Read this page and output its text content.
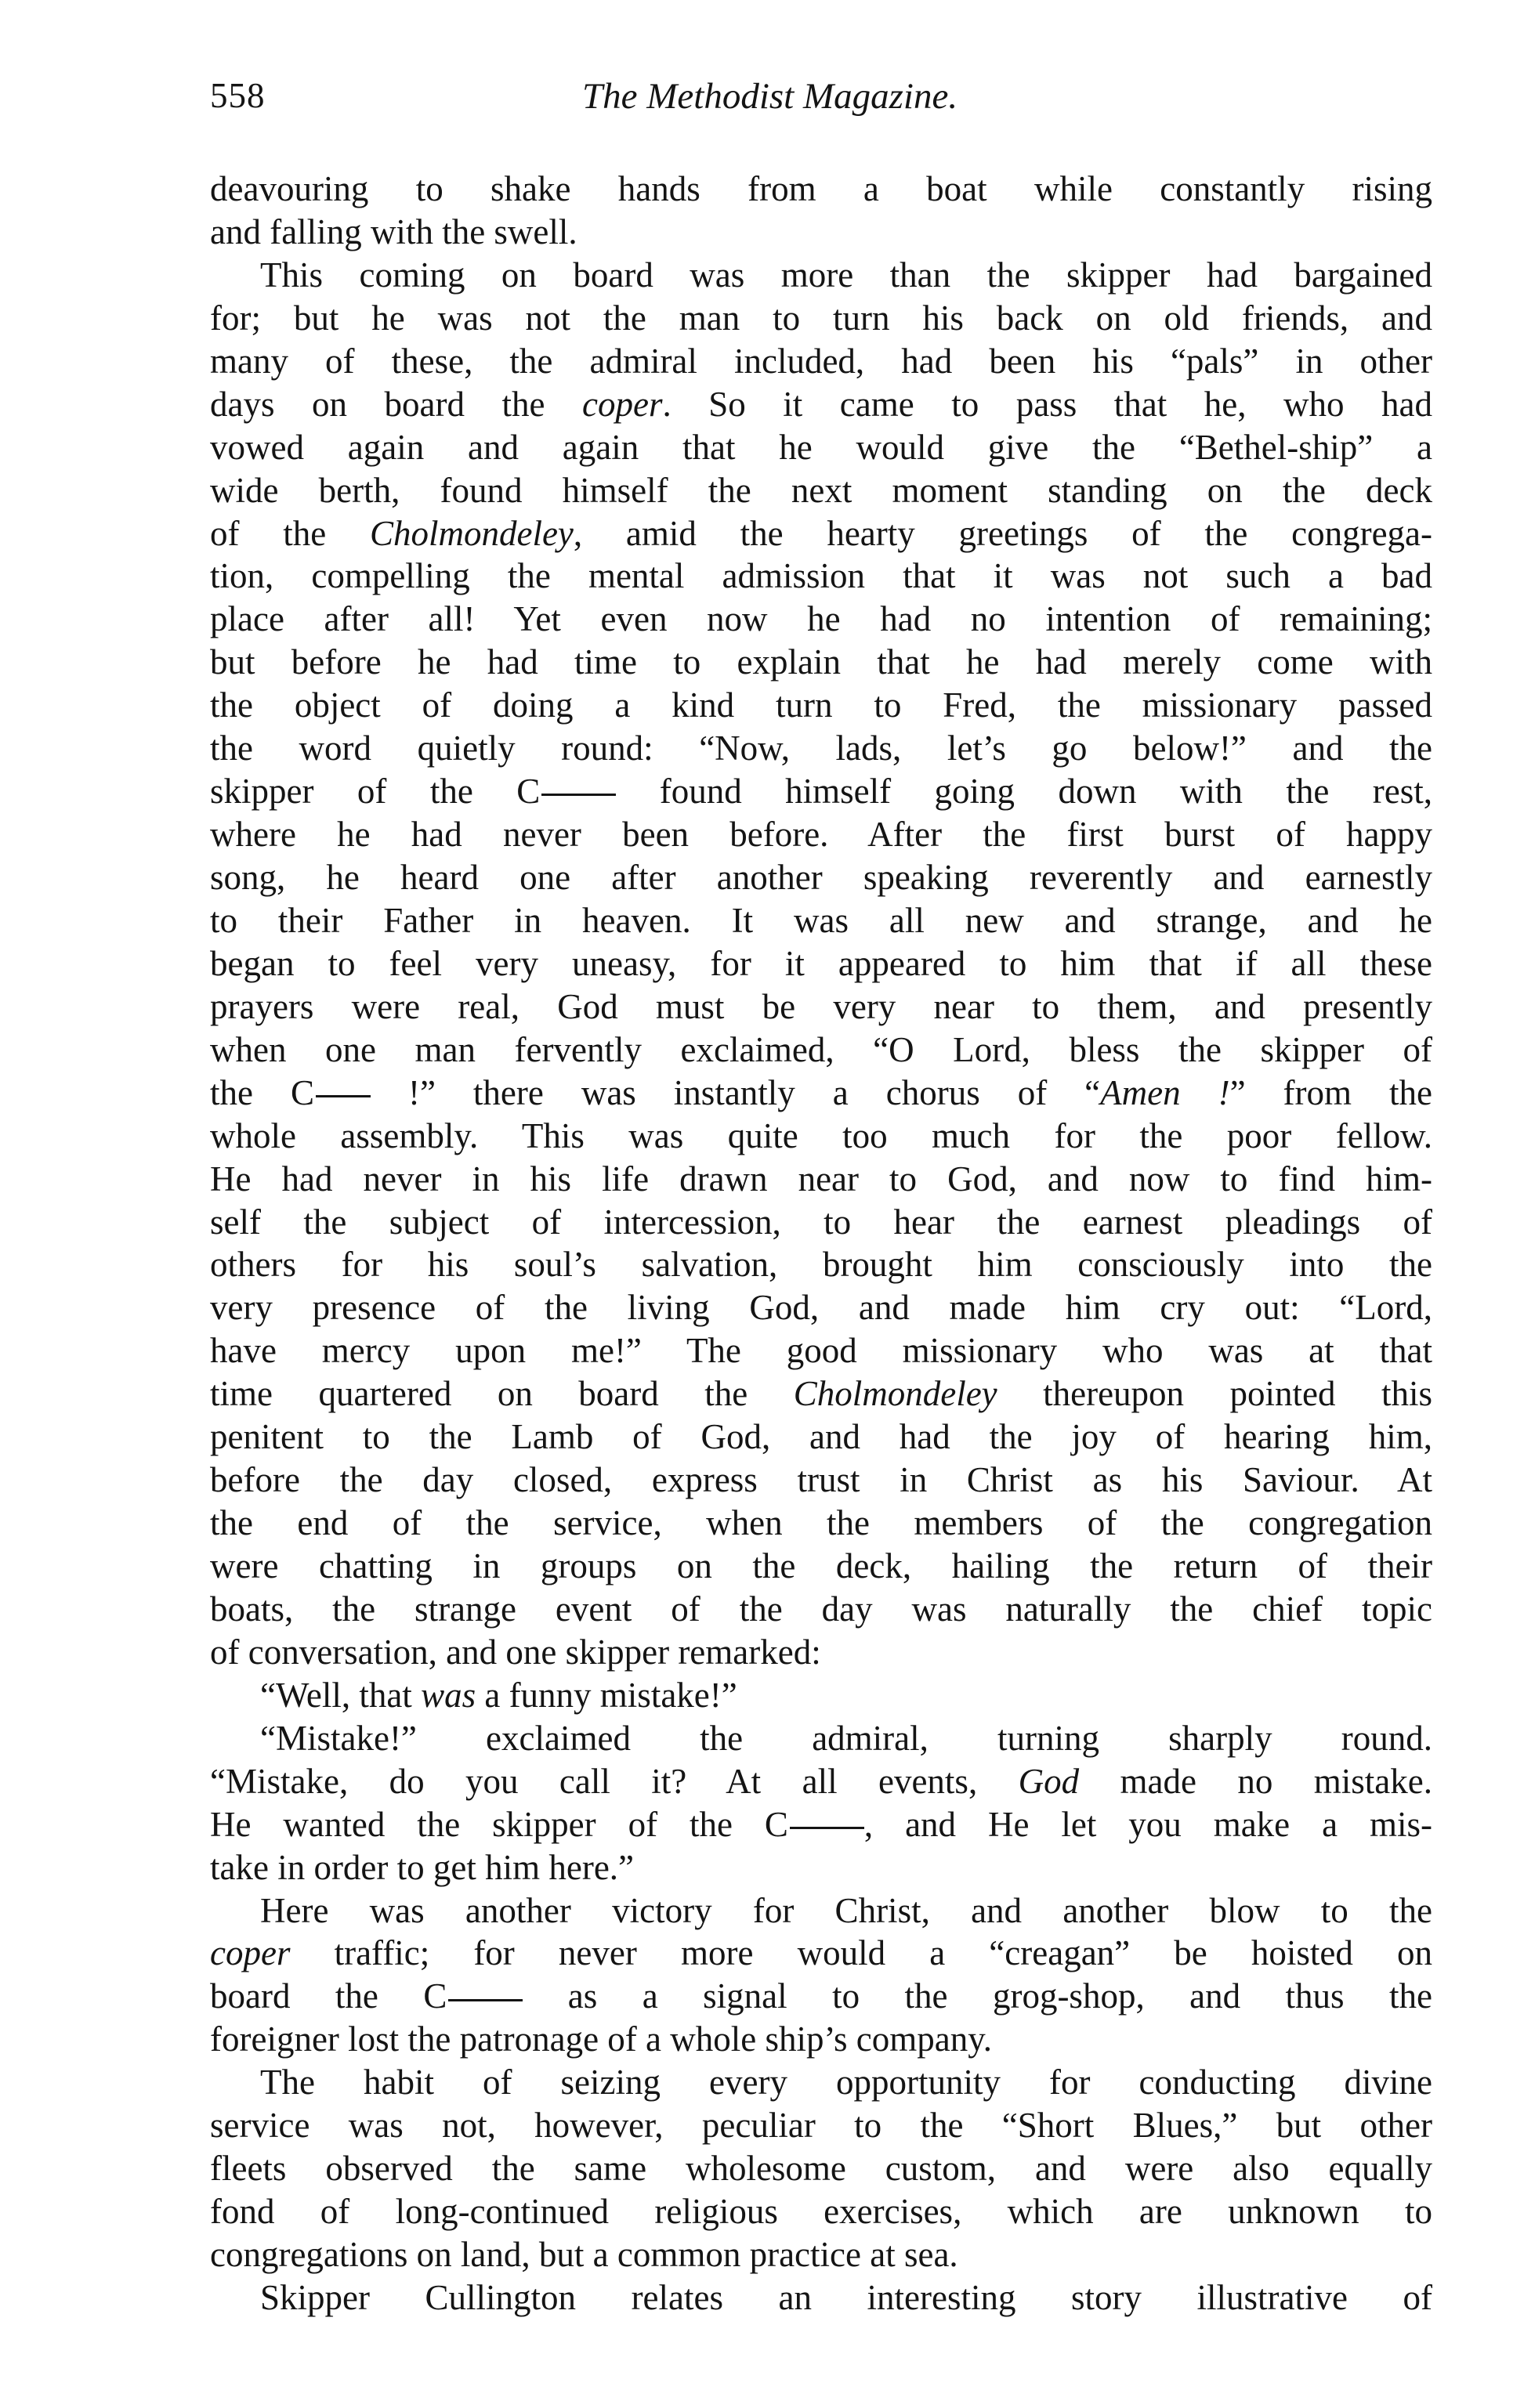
558	The Methodist Magazine.
deavouring to shake hands from a boat while constantly rising
and falling with the swell.
This coming on board was more than the skipper had bargained
for; but he was not the man to turn his back on old friends, and
many of these, the admiral included, had been his “pals” in other
days on board the coper. So it came to pass that he, who had
vowed again and again that he would give the “Bethel-ship” a
wide berth, found himself the next moment standing on the deck
of the Cholmondeley, amid the hearty greetings of the congrega-
tion, compelling the mental admission that it was not such a bad
place after all! Yet even now he had no intention of remaining;
but before he had time to explain that he had merely come with
the object of doing a kind turn to Fred, the missionary passed
the word quietly round: “Now, lads, let’s go below!” and the
skipper of the C found himself going down with the rest,
where he had never been before. After the first burst of happy
song, he heard one after another speaking reverently and earnestly
to their Father in heaven. It was all new and strange, and he
began to feel very uneasy, for it appeared to him that if all these
prayers were real, God must be very near to them, and presently
when one man fervently exclaimed, “O Lord, bless the skipper of
the C !” there was instantly a chorus of “Amen !” from the
whole assembly. This was quite too much for the poor fellow.
He had never in his life drawn near to God, and now to find him-
self the subject of intercession, to hear the earnest pleadings of
others for his soul’s salvation, brought him consciously into the
very presence of the living God, and made him cry out: “Lord,
have mercy upon me!” The good missionary who was at that
time quartered on board the Cholmondeley thereupon pointed this
penitent to the Lamb of God, and had the joy of hearing him,
before the day closed, express trust in Christ as his Saviour. At
the end of the service, when the members of the congregation
were chatting in groups on the deck, hailing the return of their
boats, the strange event of the day was naturally the chief topic
of conversation, and one skipper remarked:
“Well, that was a funny mistake!”
“Mistake!” exclaimed the admiral, turning sharply round.
“Mistake, do you call it? At all events, God made no mistake.
He wanted the skipper of the C , and He let you make a mis-
take in order to get him here.”
Here was another victory for Christ, and another blow to the
coper traffic; for never more would a “creagan” be hoisted on
board the C as a signal to the grog-shop, and thus the
foreigner lost the patronage of a whole ship’s company.
The habit of seizing every opportunity for conducting divine
service was not, however, peculiar to the “Short Blues,” but other
fleets observed the same wholesome custom, and were also equally
fond of long-continued religious exercises, which are unknown to
congregations on land, but a common practice at sea.
Skipper Cullington relates an interesting story illustrative of
